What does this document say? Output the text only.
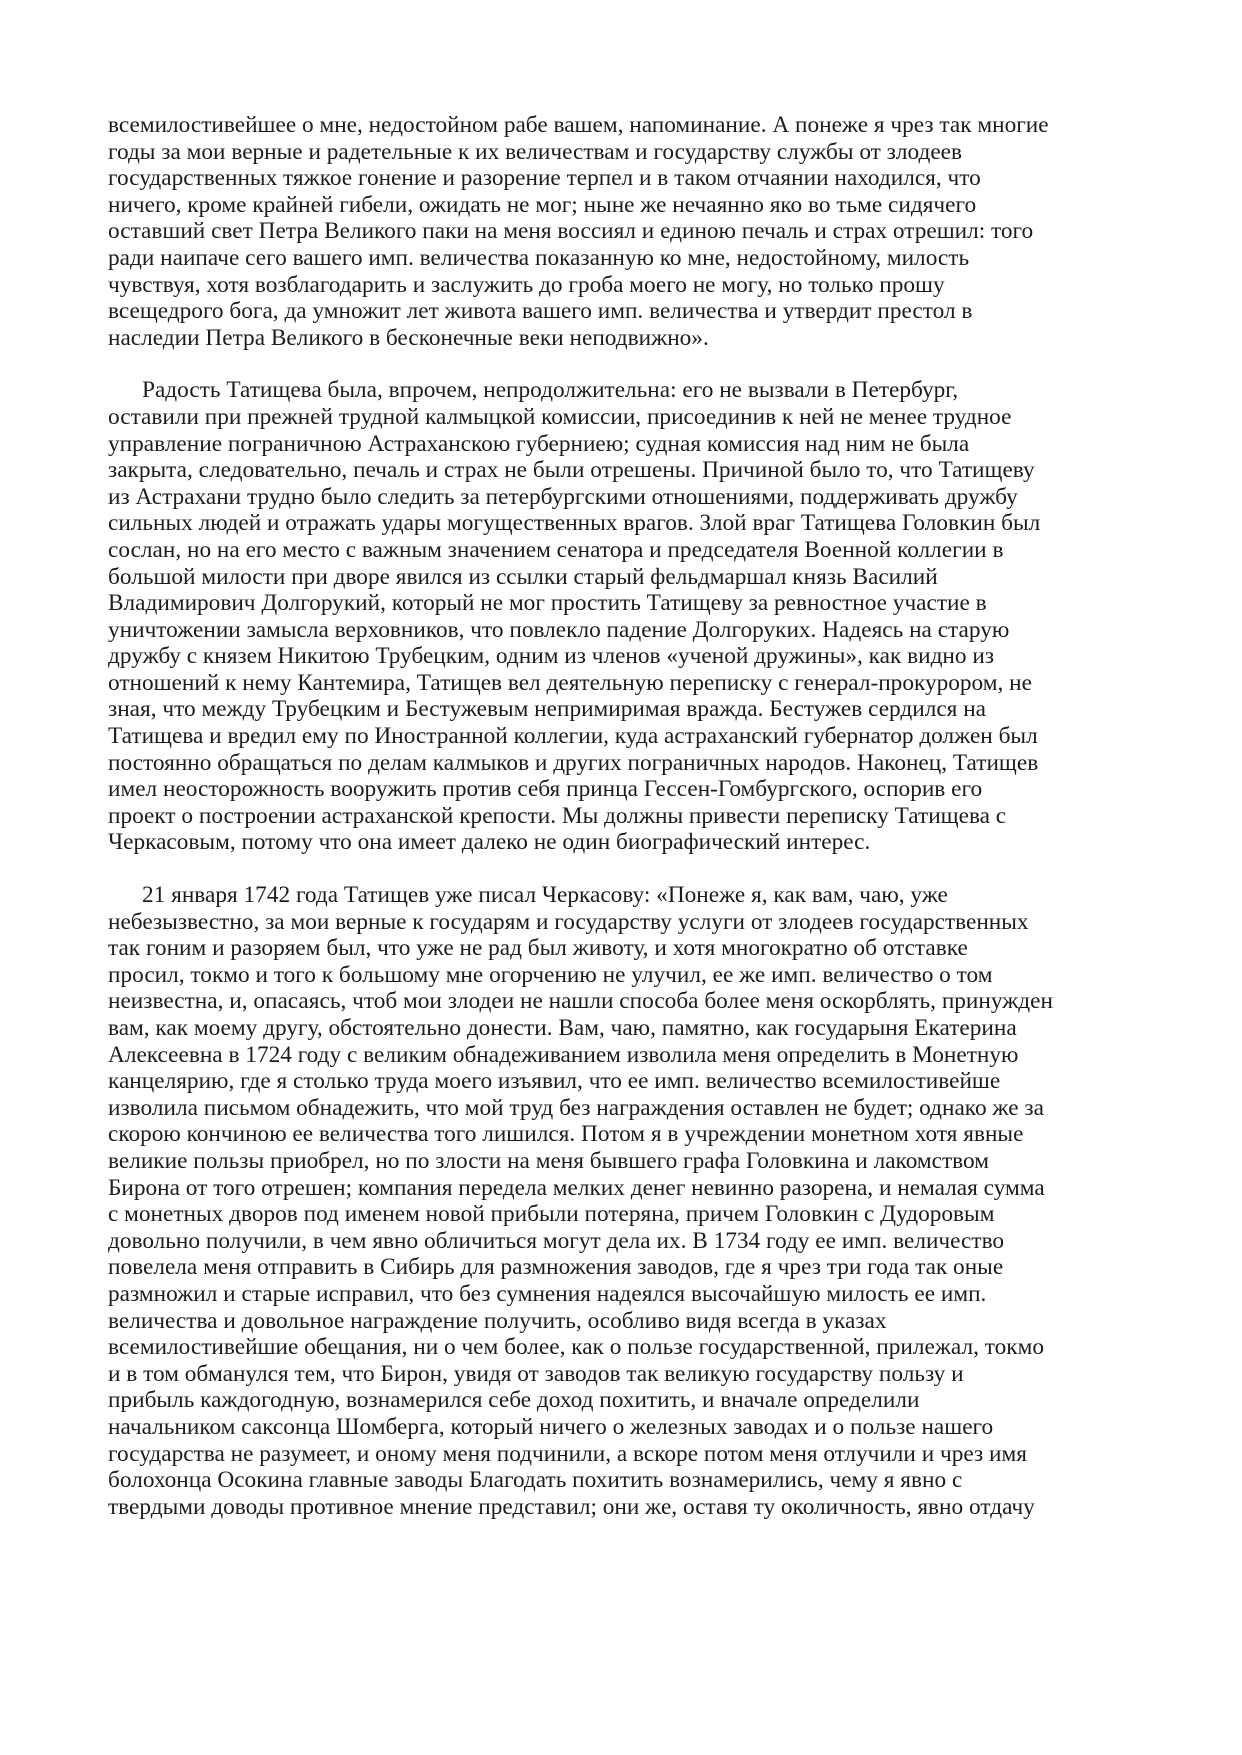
всемилостивейшее о мне, недостойном рабе вашем, напоминание. А понеже я чрез так многие
годы за мои верные и радетельные к их величествам и государству службы от злодеев
государственных тяжкое гонение и разорение терпел и в таком отчаянии находился, что
ничего, кроме крайней гибели, ожидать не мог; ныне же нечаянно яко во тьме сидячего
оставший свет Петра Великого паки на меня воссиял и единою печаль и страх отрешил: того
ради наипаче сего вашего имп. величества показанную ко мне, недостойному, милость
чувствуя, хотя возблагодарить и заслужить до гроба моего не могу, но только прошу
всещедрого бога, да умножит лет живота вашего имп. величества и утвердит престол в
наследии Петра Великого в бесконечные веки неподвижно».

Радость Татищева была, впрочем, непродолжительна: его не вызвали в Петербург,
оставили при прежней трудной калмыцкой комиссии, присоединив к ней не менее трудное
управление пограничною Астраханскою губерниею; судная комиссия над ним не была
закрыта, следовательно, печаль и страх не были отрешены. Причиной было то, что Татищеву
из Астрахани трудно было следить за петербургскими отношениями, поддерживать дружбу
сильных людей и отражать удары могущественных врагов. Злой враг Татищева Головкин был
сослан, но на его место с важным значением сенатора и председателя Военной коллегии в
большой милости при дворе явился из ссылки старый фельдмаршал князь Василий
Владимирович Долгорукий, который не мог простить Татищеву за ревностное участие в
уничтожении замысла верховников, что повлекло падение Долгоруких. Надеясь на старую
дружбу с князем Никитою Трубецким, одним из членов «ученой дружины», как видно из
отношений к нему Кантемира, Татищев вел деятельную переписку с генерал-прокурором, не
зная, что между Трубецким и Бестужевым непримиримая вражда. Бестужев сердился на
Татищева и вредил ему по Иностранной коллегии, куда астраханский губернатор должен был
постоянно обращаться по делам калмыков и других пограничных народов. Наконец, Татищев
имел неосторожность вооружить против себя принца Гессен-Гомбургского, оспорив его
проект о построении астраханской крепости. Мы должны привести переписку Татищева с
Черкасовым, потому что она имеет далеко не один биографический интерес.

21 января 1742 года Татищев уже писал Черкасову: «Понеже я, как вам, чаю, уже
небезызвестно, за мои верные к государям и государству услуги от злодеев государственных
так гоним и разоряем был, что уже не рад был животу, и хотя многократно об отставке
просил, токмо и того к большому мне огорчению не улучил, ее же имп. величество о том
неизвестна, и, опасаясь, чтоб мои злодеи не нашли способа более меня оскорблять, принужден
вам, как моему другу, обстоятельно донести. Вам, чаю, памятно, как государыня Екатерина
Алексеевна в 1724 году с великим обнадеживанием изволила меня определить в Монетную
канцелярию, где я столько труда моего изъявил, что ее имп. величество всемилостивейше
изволила письмом обнадежить, что мой труд без награждения оставлен не будет; однако же за
скорою кончиною ее величества того лишился. Потом я в учреждении монетном хотя явные
великие пользы приобрел, но по злости на меня бывшего графа Головкина и лакомством
Бирона от того отрешен; компания передела мелких денег невинно разорена, и немалая сумма
с монетных дворов под именем новой прибыли потеряна, причем Головкин с Дудоровым
довольно получили, в чем явно обличиться могут дела их. В 1734 году ее имп. величество
повелела меня отправить в Сибирь для размножения заводов, где я чрез три года так оные
размножил и старые исправил, что без сумнения надеялся высочайшую милость ее имп.
величества и довольное награждение получить, особливо видя всегда в указах
всемилостивейшие обещания, ни о чем более, как о пользе государственной, прилежал, токмо
и в том обманулся тем, что Бирон, увидя от заводов так великую государству пользу и
прибыль каждогодную, вознамерился себе доход похитить, и вначале определили
начальником саксонца Шомберга, который ничего о железных заводах и о пользе нашего
государства не разумеет, и оному меня подчинили, а вскоре потом меня отлучили и чрез имя
болохонца Осокина главные заводы Благодать похитить вознамерились, чему я явно с
твердыми доводы противное мнение представил; они же, оставя ту околичность, явно отдачу
